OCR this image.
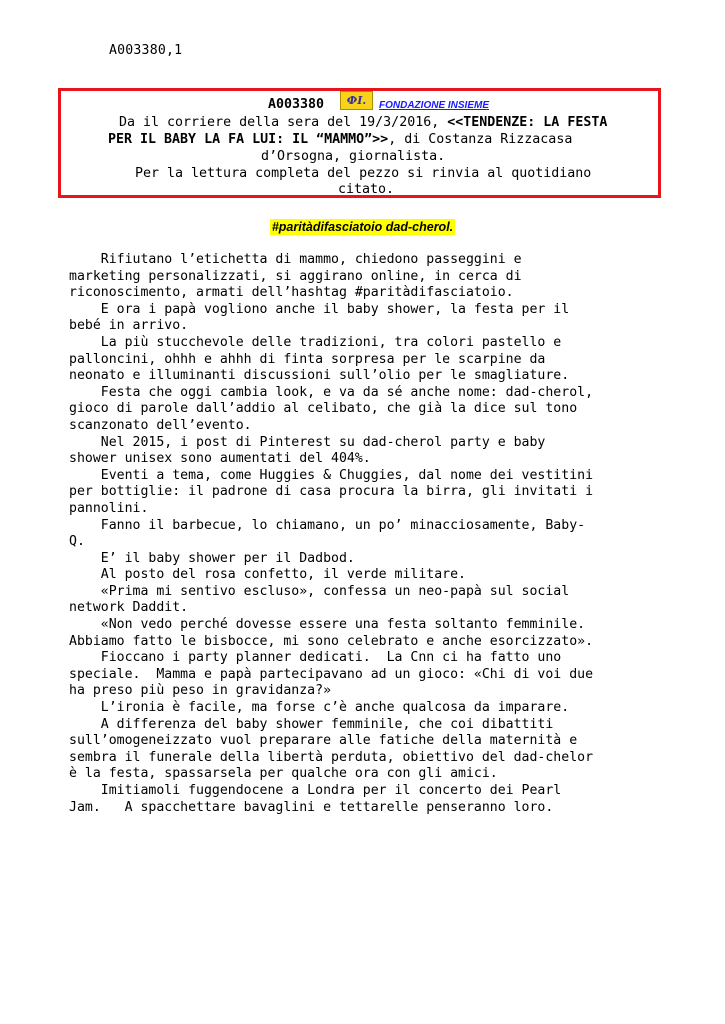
A003380,1
A003380	ФI.	FONDAZIONE INSIEME
Da il corriere della sera del 19/3/2016, <<TENDENZE: LA FESTA
PER IL BABY LA FA LUI: IL “MAMMO”>>, di Costanza Rizzacasa
d’Orsogna, giornalista.
Per la lettura completa del pezzo si rinvia al quotidiano
citato.
#paritàdifasciatoio dad-cherol.
Rifiutano l’etichetta di mammo, chiedono passeggini e
marketing personalizzati, si aggirano online, in cerca di
riconoscimento, armati dell’hashtag #paritàdifasciatoio.
E ora i papà vogliono anche il baby shower, la festa per il
bebé in arrivo.
La più stucchevole delle tradizioni, tra colori pastello e
palloncini, ohhh e ahhh di finta sorpresa per le scarpine da
neonato e illuminanti discussioni sull’olio per le smagliature.
Festa che oggi cambia look, e va da sé anche nome: dad-cherol,
gioco di parole dall’addio al celibato, che già la dice sul tono
scanzonato dell’evento.
Nel 2015, i post di Pinterest su dad-cherol party e baby
shower unisex sono aumentati del 404%.
Eventi a tema, come Huggies & Chuggies, dal nome dei vestitini
per bottiglie: il padrone di casa procura la birra, gli invitati i
pannolini.
Fanno il barbecue, lo chiamano, un po’ minacciosamente, Baby-
Q.
E’ il baby shower per il Dadbod.
Al posto del rosa confetto, il verde militare.
«Prima mi sentivo escluso», confessa un neo-papà sul social
network Daddit.
«Non vedo perché dovesse essere una festa soltanto femminile.
Abbiamo fatto le bisbocce, mi sono celebrato e anche esorcizzato».
Fioccano i party planner dedicati.  La Cnn ci ha fatto uno
speciale.  Mamma e papà partecipavano ad un gioco: «Chi di voi due
ha preso più peso in gravidanza?»
L’ironia è facile, ma forse c’è anche qualcosa da imparare.
A differenza del baby shower femminile, che coi dibattiti
sull’omogeneizzato vuol preparare alle fatiche della maternità e
sembra il funerale della libertà perduta, obiettivo del dad-chelor
è la festa, spassarsela per qualche ora con gli amici.
Imitiamoli fuggendocene a Londra per il concerto dei Pearl
Jam.   A spacchettare bavaglini e tettarelle penseranno loro.
